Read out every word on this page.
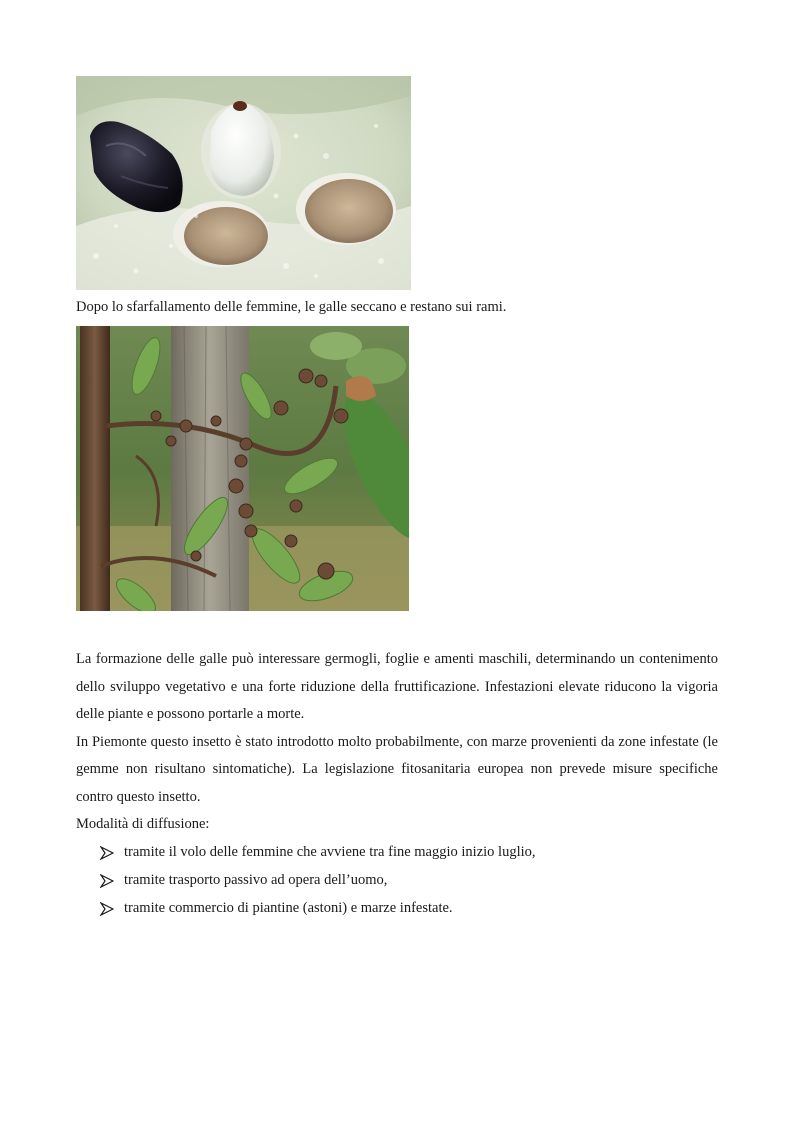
Dopo lo sfarfallamento delle femmine, le galle seccano e restano sui rami.

La formazione delle galle può interessare germogli, foglie e amenti maschili, determinando un contenimento dello sviluppo vegetativo e una forte riduzione della fruttificazione. Infestazioni elevate riducono la vigoria delle piante e possono portarle a morte.

In Piemonte questo insetto è stato introdotto molto probabilmente, con marze provenienti da zone infestate (le gemme non risultano sintomatiche). La legislazione fitosanitaria europea non prevede misure specifiche contro questo insetto.

Modalità di diffusione:

tramite il volo delle femmine che avviene tra fine maggio inizio luglio,
tramite trasporto passivo ad opera dell’uomo,
tramite commercio di piantine (astoni) e marze infestate.
